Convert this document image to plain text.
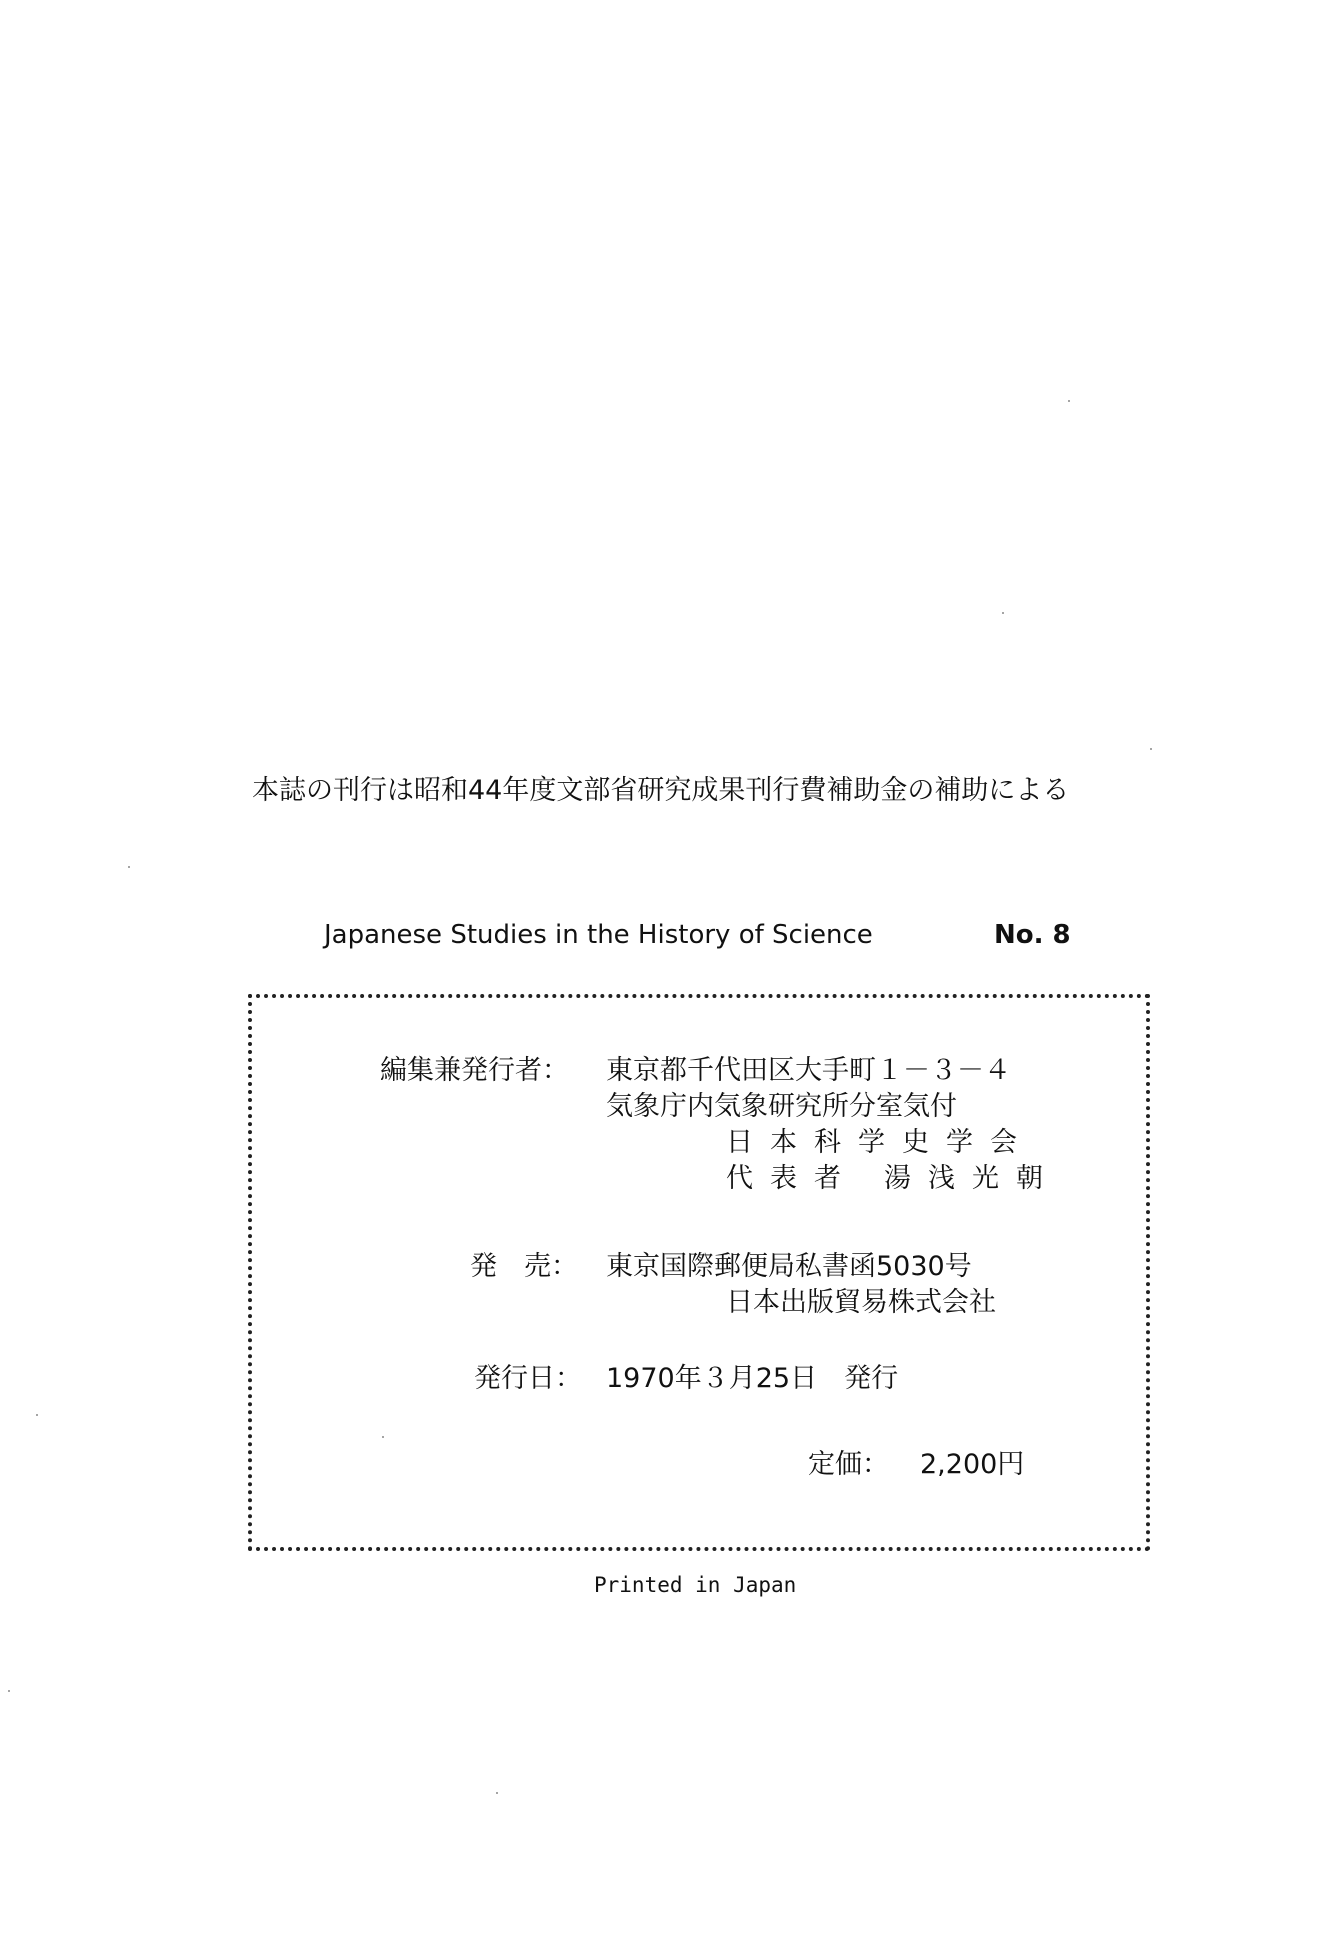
本誌の刊行は昭和44年度文部省研究成果刊行費補助金の補助による
Japanese Studies in the History of Science	No. 8
編集兼発行者： 東京都千代田区大手町１－３－４
気象庁内気象研究所分室気付
日本科学史学会
代表者 湯浅光朝
発　売： 東京国際郵便局私書函5030号
日本出版貿易株式会社
発行日： 1970年３月25日　発行
定価： 2,200円
Printed in Japan
